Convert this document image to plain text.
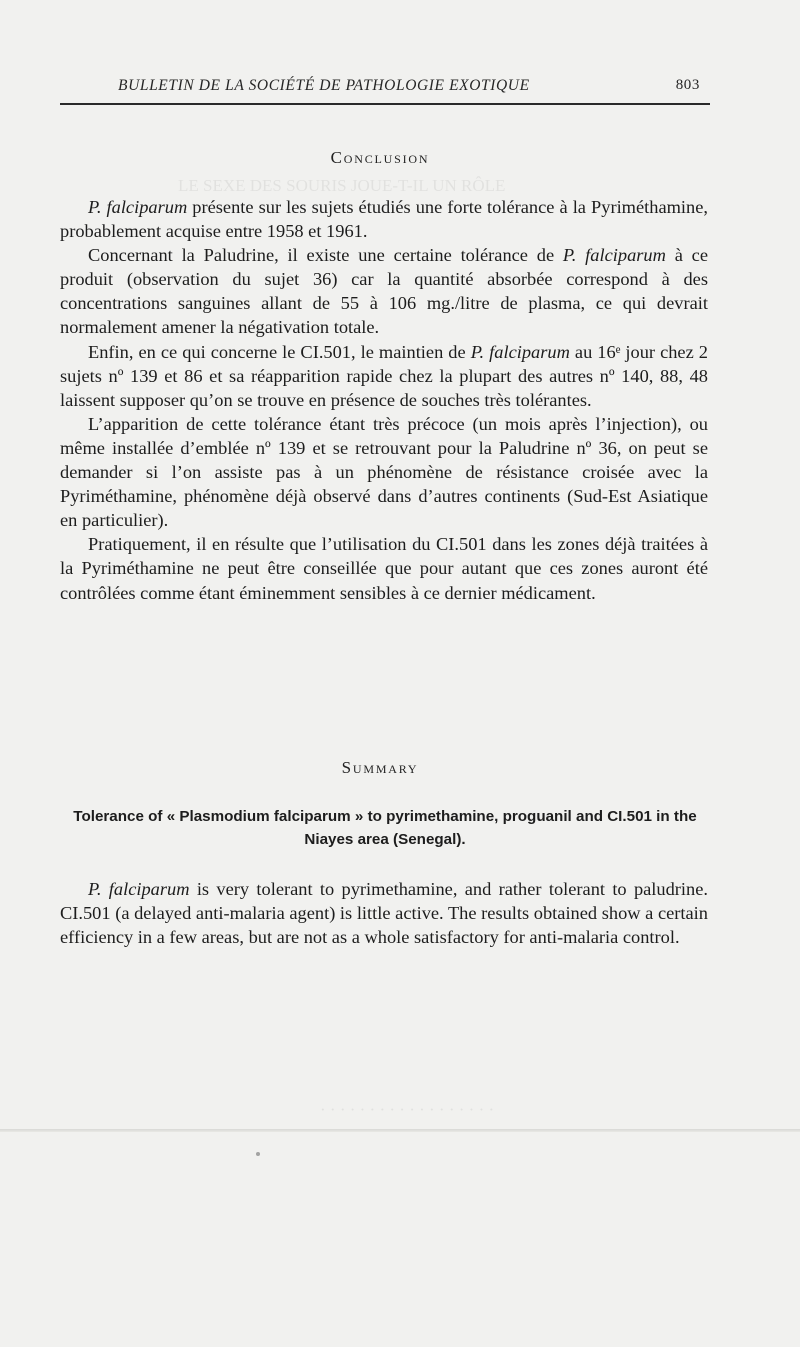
LE SEXE DES SOURIS JOUE-T-IL UN RÔLE
· · · · · · · · · · · · · · · · · ·
BULLETIN DE LA SOCIÉTÉ DE PATHOLOGIE EXOTIQUE	803
Conclusion

P. falciparum présente sur les sujets étudiés une forte tolérance à la Pyriméthamine, probablement acquise entre 1958 et 1961.

Concernant la Paludrine, il existe une certaine tolérance de P. falciparum à ce produit (observation du sujet 36) car la quantité absorbée correspond à des concentrations sanguines allant de 55 à 106 mg./litre de plasma, ce qui devrait normalement amener la négativation totale.

Enfin, en ce qui concerne le CI.501, le maintien de P. falciparum au 16ᵉ jour chez 2 sujets nº 139 et 86 et sa réapparition rapide chez la plupart des autres nº 140, 88, 48 laissent supposer qu’on se trouve en présence de souches très tolérantes.

L’apparition de cette tolérance étant très précoce (un mois après l’injection), ou même installée d’emblée nº 139 et se retrouvant pour la Paludrine nº 36, on peut se demander si l’on assiste pas à un phénomène de résistance croisée avec la Pyriméthamine, phénomène déjà observé dans d’autres continents (Sud-Est Asiatique en particulier).

Pratiquement, il en résulte que l’utilisation du CI.501 dans les zones déjà traitées à la Pyriméthamine ne peut être conseillée que pour autant que ces zones auront été contrôlées comme étant éminemment sensibles à ce dernier médicament.

Summary
Tolerance of « Plasmodium falciparum » to pyrimethamine, proguanil and CI.501 in the Niayes area (Senegal).

P. falciparum is very tolerant to pyrimethamine, and rather tolerant to paludrine. CI.501 (a delayed anti-malaria agent) is little active. The results obtained show a certain efficiency in a few areas, but are not as a whole satisfactory for anti-malaria control.
